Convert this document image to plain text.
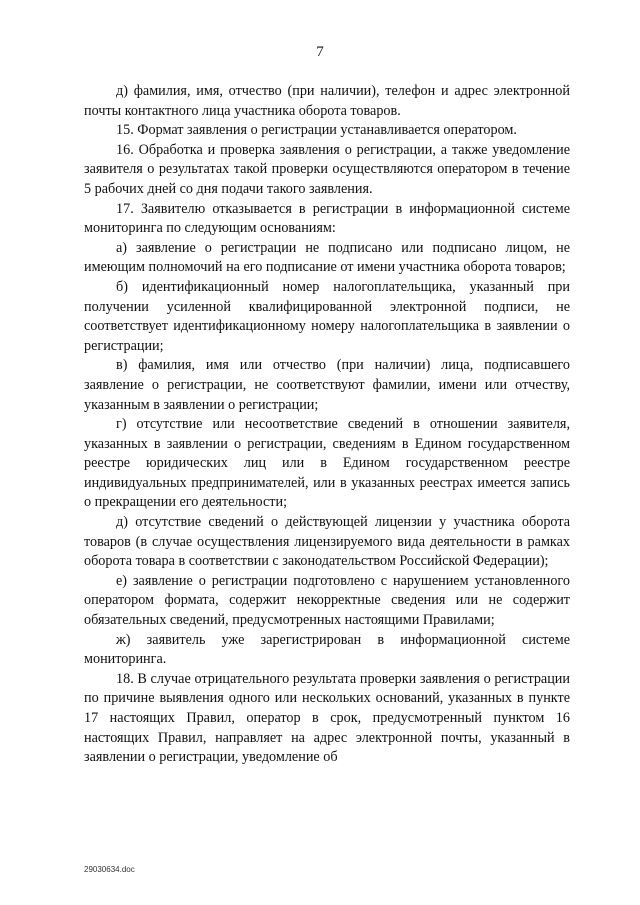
7

д) фамилия, имя, отчество (при наличии), телефон и адрес электронной почты контактного лица участника оборота товаров.

15. Формат заявления о регистрации устанавливается оператором.

16. Обработка и проверка заявления о регистрации, а также уведомление заявителя о результатах такой проверки осуществляются оператором в течение 5 рабочих дней со дня подачи такого заявления.

17. Заявителю отказывается в регистрации в информационной системе мониторинга по следующим основаниям:

а) заявление о регистрации не подписано или подписано лицом, не имеющим полномочий на его подписание от имени участника оборота товаров;

б) идентификационный номер налогоплательщика, указанный при получении усиленной квалифицированной электронной подписи, не соответствует идентификационному номеру налогоплательщика в заявлении о регистрации;

в) фамилия, имя или отчество (при наличии) лица, подписавшего заявление о регистрации, не соответствуют фамилии, имени или отчеству, указанным в заявлении о регистрации;

г) отсутствие или несоответствие сведений в отношении заявителя, указанных в заявлении о регистрации, сведениям в Едином государственном реестре юридических лиц или в Едином государственном реестре индивидуальных предпринимателей, или в указанных реестрах имеется запись о прекращении его деятельности;

д) отсутствие сведений о действующей лицензии у участника оборота товаров (в случае осуществления лицензируемого вида деятельности в рамках оборота товара в соответствии с законодательством Российской Федерации);

е) заявление о регистрации подготовлено с нарушением установленного оператором формата, содержит некорректные сведения или не содержит обязательных сведений, предусмотренных настоящими Правилами;

ж) заявитель уже зарегистрирован в информационной системе мониторинга.

18. В случае отрицательного результата проверки заявления о регистрации по причине выявления одного или нескольких оснований, указанных в пункте 17 настоящих Правил, оператор в срок, предусмотренный пунктом 16 настоящих Правил, направляет на адрес электронной почты, указанный в заявлении о регистрации, уведомление об

29030634.doc
